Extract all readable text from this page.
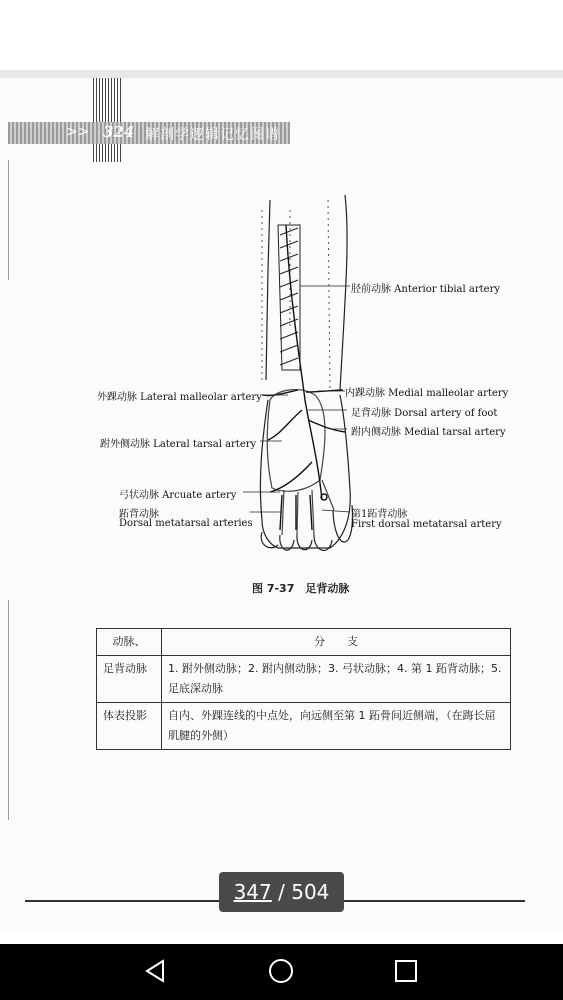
>> 324 解剖学逻辑记忆图谱
胫前动脉 Anterior tibial artery
外踝动脉 Lateral malleolar artery	内踝动脉 Medial malleolar artery
足背动脉 Dorsal artery of foot
跗内侧动脉 Medial tarsal artery
跗外侧动脉 Lateral tarsal artery
弓状动脉 Arcuate artery
跖背动脉
Dorsal metatarsal arteries
第1跖背动脉
First dorsal metatarsal artery
图 7-37　足背动脉
动脉、	分　　支
足背动脉	1. 跗外侧动脉；2. 跗内侧动脉；3. 弓状动脉；4. 第 1 跖背动脉；5. 足底深动脉
体表投影	自内、外踝连线的中点处，向远侧至第 1 跖骨间近侧端，（在踇长屈肌腱的外侧）
347 / 504
